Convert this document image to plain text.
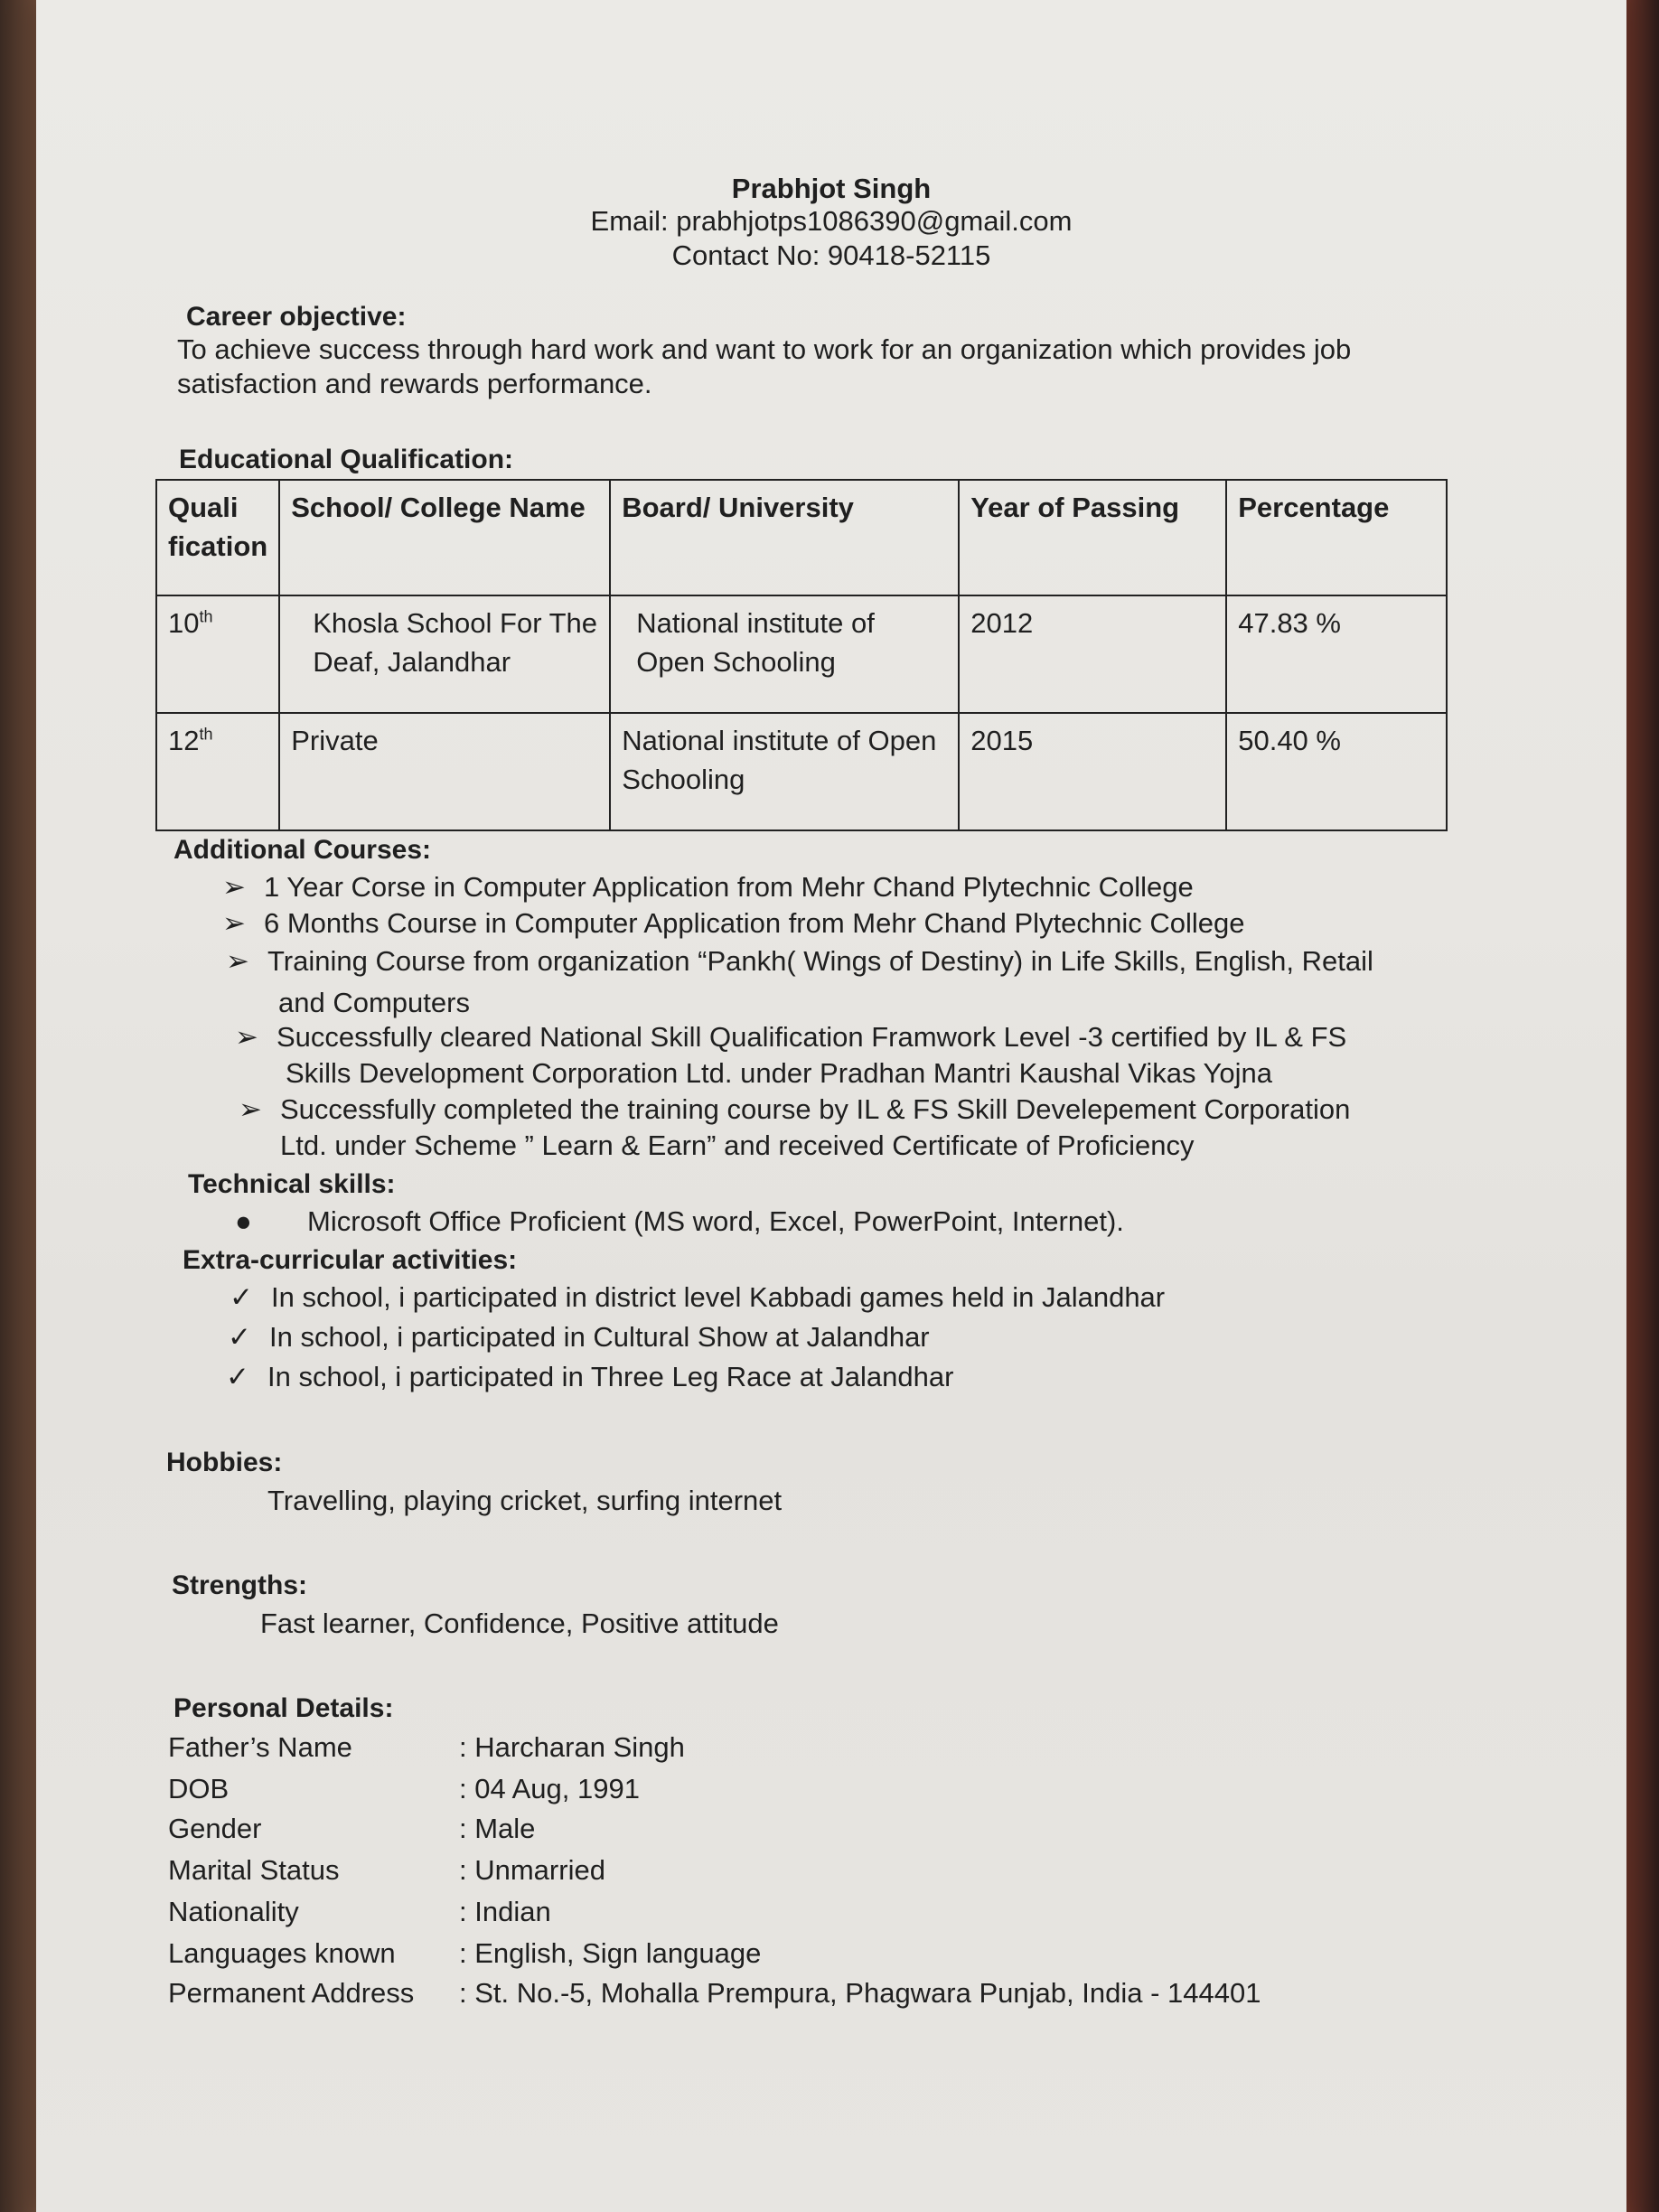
Prabhjot Singh
Email: prabhjotps1086390@gmail.com
Contact No: 90418-52115
Career objective:
To achieve success through hard work and want to work for an organization which provides job
satisfaction and rewards performance.
Educational Qualification:
Quali fication	School/ College Name	Board/ University	Year of Passing	Percentage
10th	Khosla School For The Deaf, Jalandhar	National institute of Open Schooling	2012	47.83 %
12th	Private	National institute of Open Schooling	2015	50.40 %
Additional Courses:
➢ 1 Year Corse in Computer Application from Mehr Chand Plytechnic College
➢ 6 Months Course in Computer Application from Mehr Chand Plytechnic College
➢ Training Course from organization “Pankh( Wings of Destiny) in Life Skills, English, Retail
and Computers
➢ Successfully cleared National Skill Qualification Framwork Level -3 certified by IL & FS
Skills Development Corporation Ltd. under Pradhan Mantri Kaushal Vikas Yojna
➢ Successfully completed the training course by IL & FS Skill Develepement Corporation
Ltd. under Scheme ” Learn & Earn” and received Certificate of Proficiency
Technical skills:
● Microsoft Office Proficient (MS word, Excel, PowerPoint, Internet).
Extra-curricular activities:
✓ In school, i participated in district level Kabbadi games held in Jalandhar
✓ In school, i participated in Cultural Show at Jalandhar
✓ In school, i participated in Three Leg Race at Jalandhar
Hobbies:
Travelling, playing cricket, surfing internet
Strengths:
Fast learner, Confidence, Positive attitude
Personal Details:
Father’s Name	: Harcharan Singh
DOB	: 04 Aug, 1991
Gender	: Male
Marital Status	: Unmarried
Nationality	: Indian
Languages known : English, Sign language
Permanent Address : St. No.-5, Mohalla Prempura, Phagwara Punjab, India - 144401
